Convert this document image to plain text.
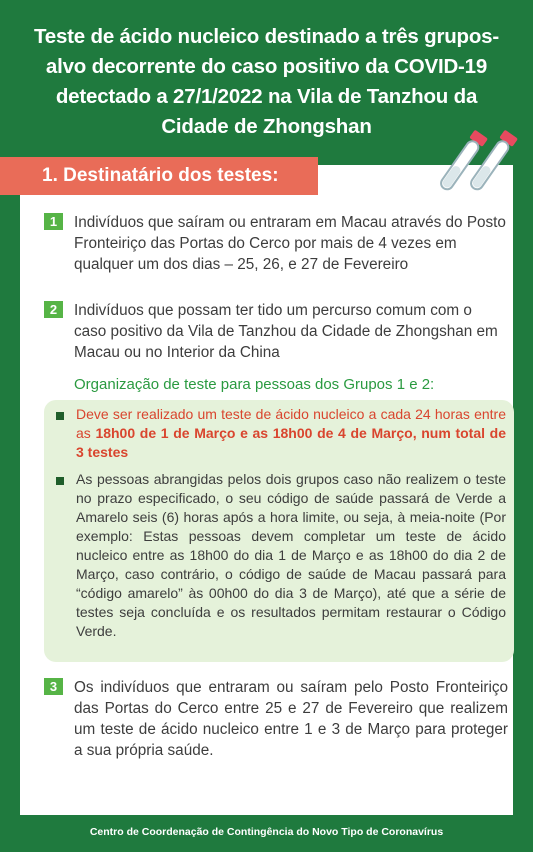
Teste de ácido nucleico destinado a três grupos-alvo decorrente do caso positivo da COVID-19 detectado a 27/1/2022 na Vila de Tanzhou da Cidade de Zhongshan
1. Destinatário dos testes:
1	Indivíduos que saíram ou entraram em Macau através do Posto Fronteiriço das Portas do Cerco por mais de 4 vezes em qualquer um dos dias – 25, 26, e 27 de Fevereiro
2	Indivíduos que possam ter tido um percurso comum com o caso positivo da Vila de Tanzhou da Cidade de Zhongshan em Macau ou no Interior da China
Organização de teste para pessoas dos Grupos 1 e 2:
Deve ser realizado um teste de ácido nucleico a cada 24 horas entre as 18h00 de 1 de Março e as 18h00 de 4 de Março, num total de 3 testes
As pessoas abrangidas pelos dois grupos caso não realizem o teste no prazo especificado, o seu código de saúde passará de Verde a Amarelo seis (6) horas após a hora limite, ou seja, à meia-noite (Por exemplo: Estas pessoas devem completar um teste de ácido nucleico entre as 18h00 do dia 1 de Março e as 18h00 do dia 2 de Março, caso contrário, o código de saúde de Macau passará para “código amarelo” às 00h00 do dia 3 de Março), até que a série de testes seja concluída e os resultados permitam restaurar o Código Verde.
3	Os indivíduos que entraram ou saíram pelo Posto Fronteiriço das Portas do Cerco entre 25 e 27 de Fevereiro que realizem um teste de ácido nucleico entre 1 e 3 de Março para proteger a sua própria saúde.
Centro de Coordenação de Contingência do Novo Tipo de Coronavírus
